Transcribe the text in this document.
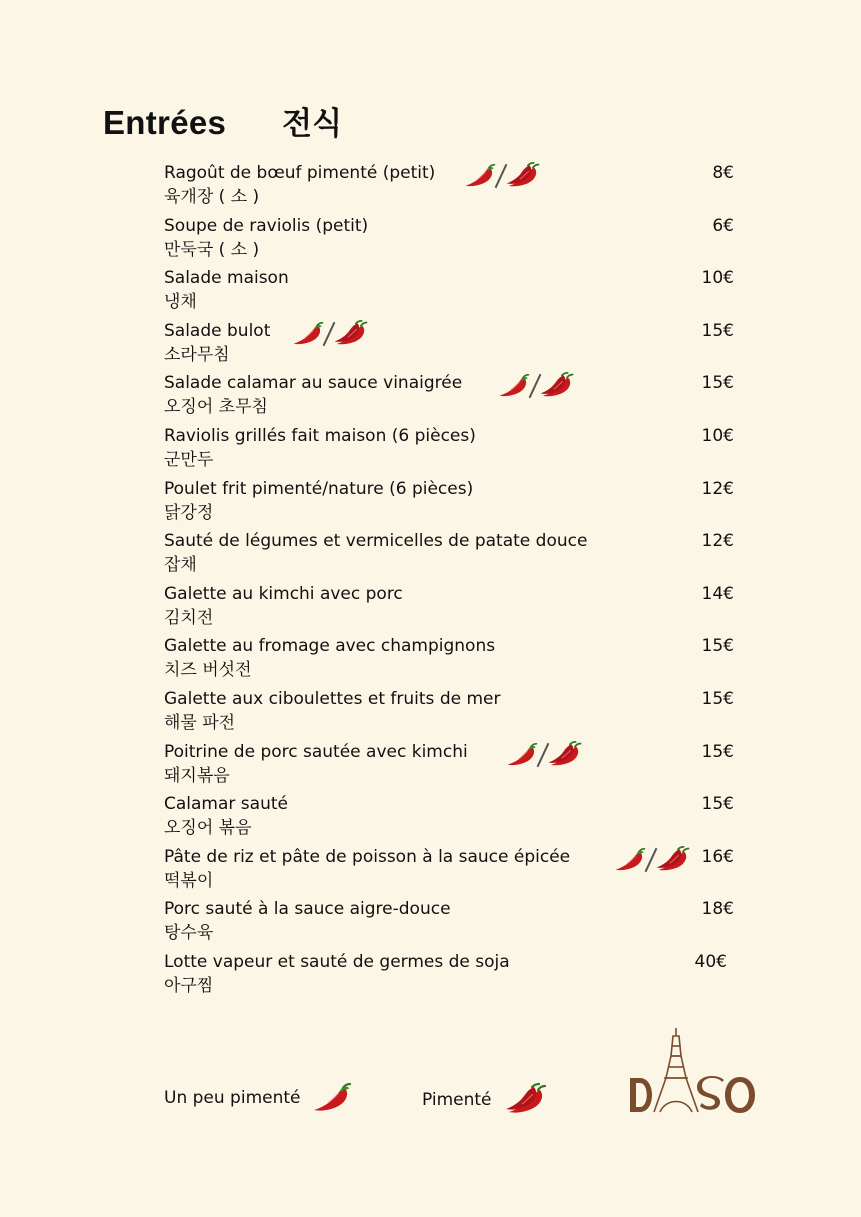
Entrées 전식
Ragoût de bœuf pimenté (petit)
육개장 ( 소 )
8€
Soupe de raviolis (petit)
만둑국 ( 소 )
6€
Salade maison
냉채
10€
Salade bulot
소라무침
15€
Salade calamar au sauce vinaigrée
오징어 초무침
15€
Raviolis grillés fait maison (6 pièces)
군만두
10€
Poulet frit pimenté/nature (6 pièces)
닭강정
12€
Sauté de légumes et vermicelles de patate douce
잡채
12€
Galette au kimchi avec porc
김치전
14€
Galette au fromage avec champignons
치즈 버섯전
15€
Galette aux ciboulettes et fruits de mer
해물 파전
15€
Poitrine de porc sautée avec kimchi
돼지볶음
15€
Calamar sauté
오징어 볶음
15€
Pâte de riz et pâte de poisson à la sauce épicée
떡볶이
16€
Porc sauté à la sauce aigre-douce
탕수육
18€
Lotte vapeur et sauté de germes de soja
아구찜
40€
Un peu pimenté	Pimenté
